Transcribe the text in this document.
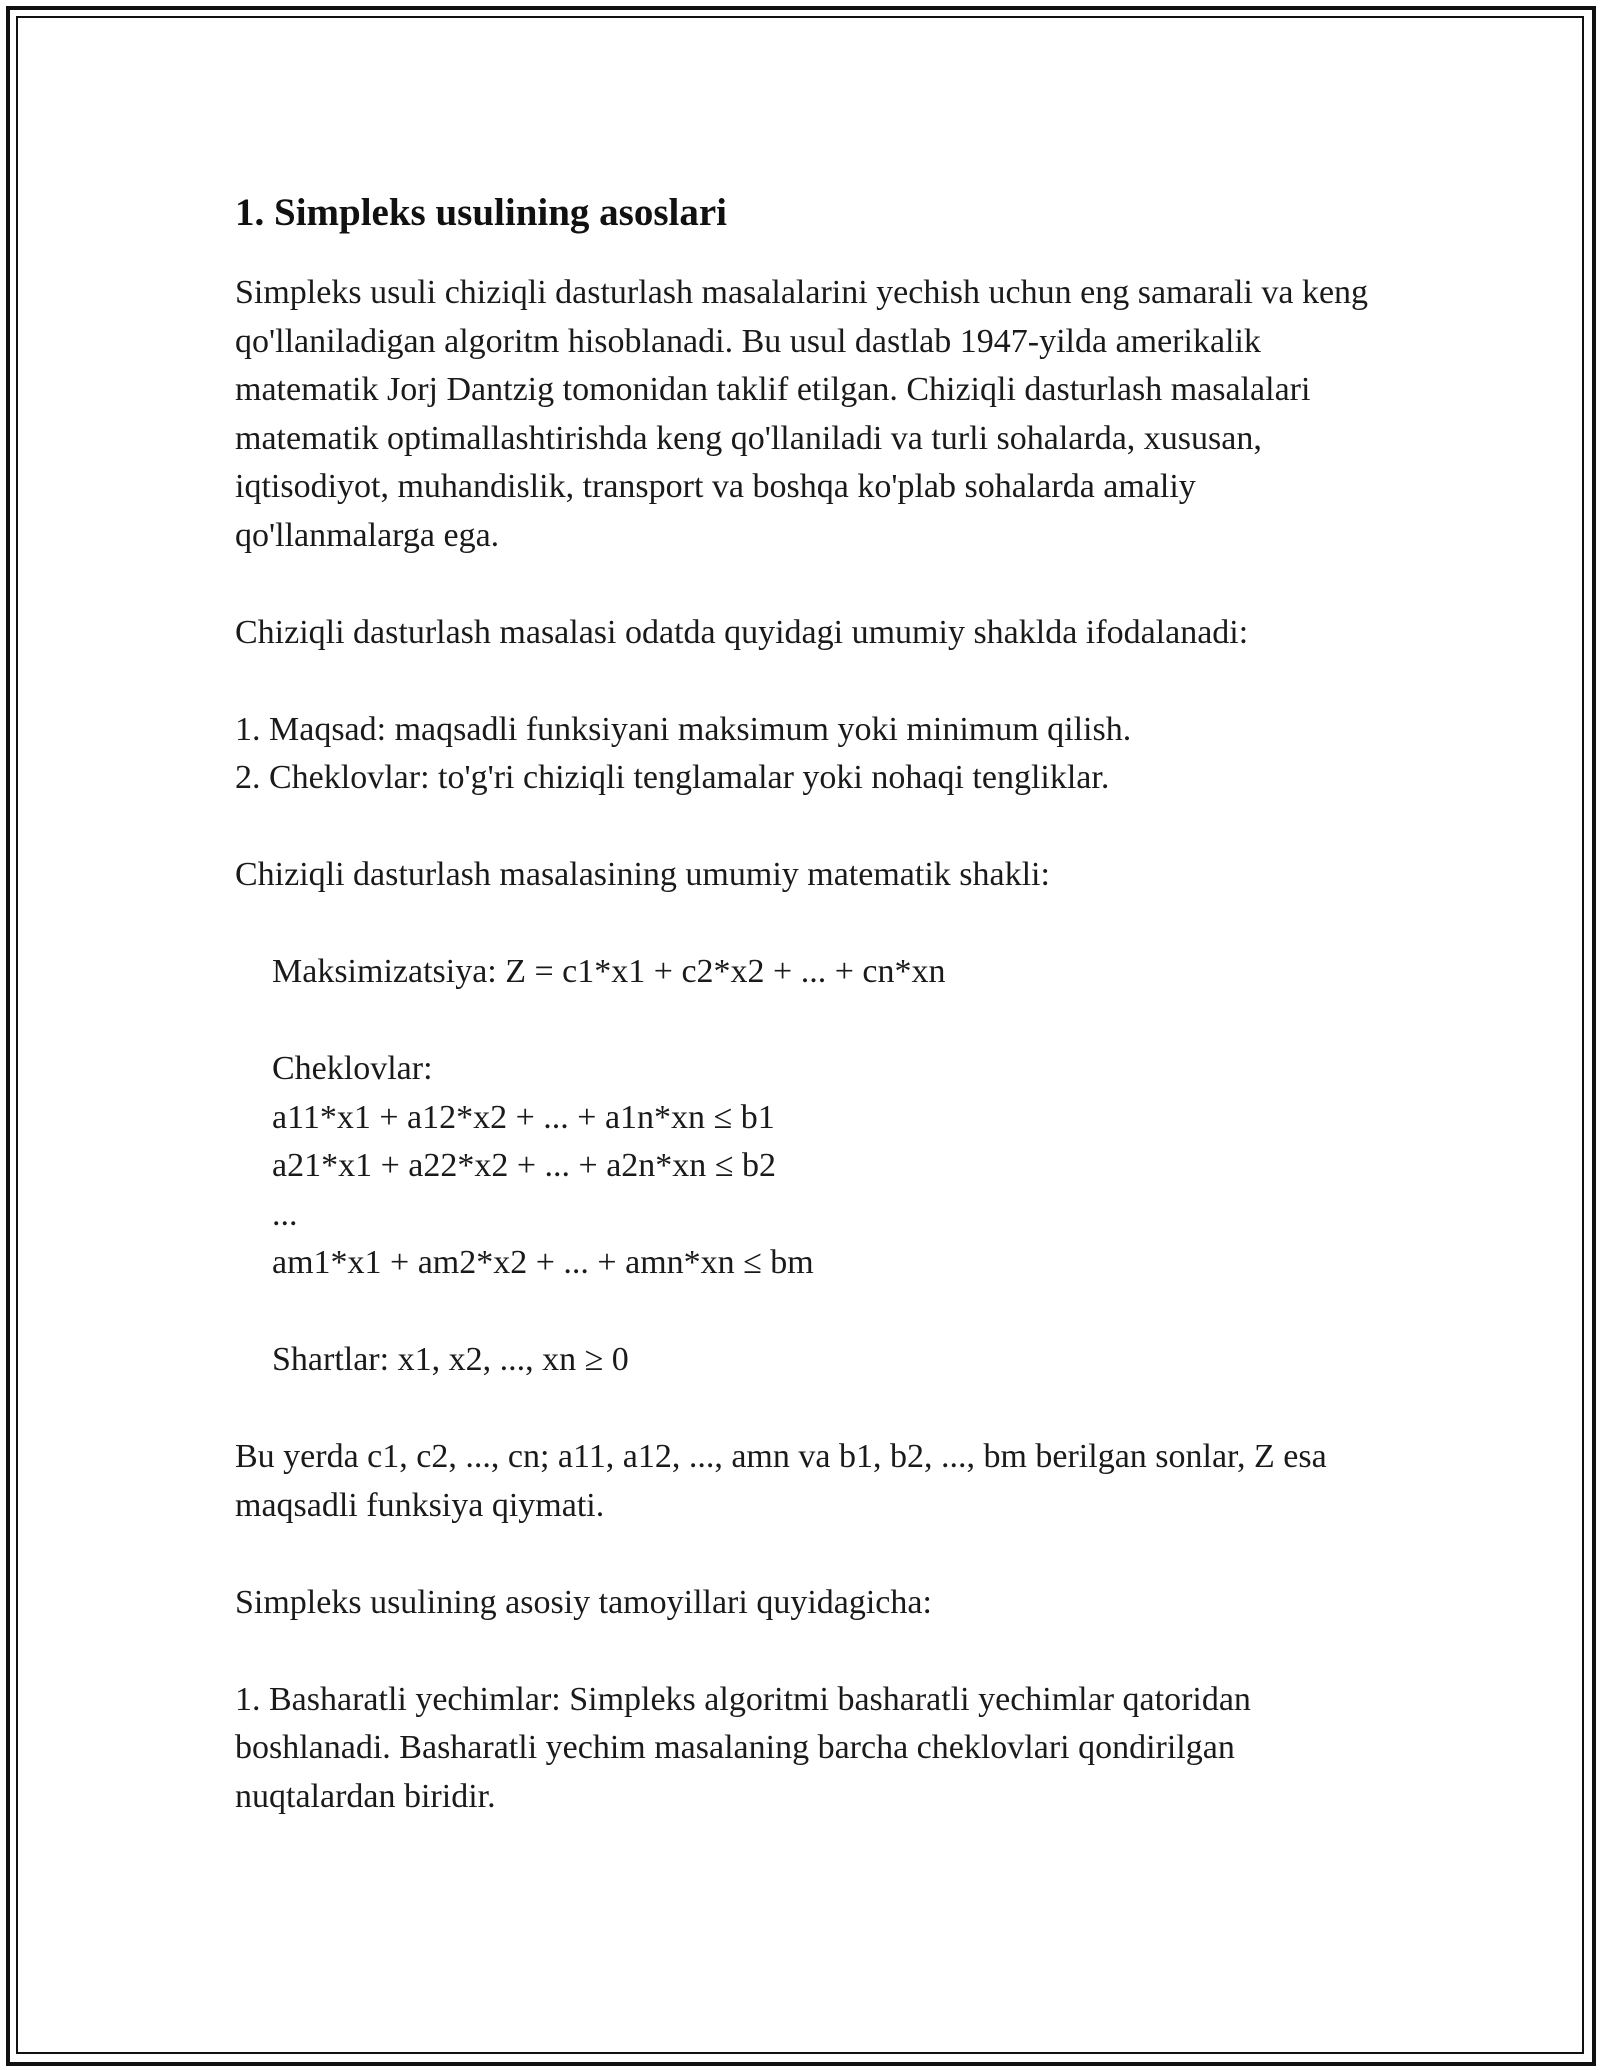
1. Simpleks usulining asoslari

Simpleks usuli chiziqli dasturlash masalalarini yechish uchun eng samarali va keng qo'llaniladigan algoritm hisoblanadi. Bu usul dastlab 1947-yilda amerikalik matematik Jorj Dantzig tomonidan taklif etilgan. Chiziqli dasturlash masalalari matematik optimallashtirishda keng qo'llaniladi va turli sohalarda, xususan, iqtisodiyot, muhandislik, transport va boshqa ko'plab sohalarda amaliy qo'llanmalarga ega.

Chiziqli dasturlash masalasi odatda quyidagi umumiy shaklda ifodalanadi:

1. Maqsad: maqsadli funksiyani maksimum yoki minimum qilish.
2. Cheklovlar: to'g'ri chiziqli tenglamalar yoki nohaqi tengliklar.

Chiziqli dasturlash masalasining umumiy matematik shakli:

Maksimizatsiya: Z = c1*x1 + c2*x2 + ... + cn*xn
Cheklovlar:
a11*x1 + a12*x2 + ... + a1n*xn ≤ b1
a21*x1 + a22*x2 + ... + a2n*xn ≤ b2
...
am1*x1 + am2*x2 + ... + amn*xn ≤ bm
Shartlar: x1, x2, ..., xn ≥ 0

Bu yerda c1, c2, ..., cn; a11, a12, ..., amn va b1, b2, ..., bm berilgan sonlar, Z esa maqsadli funksiya qiymati.

Simpleks usulining asosiy tamoyillari quyidagicha:

1. Basharatli yechimlar: Simpleks algoritmi basharatli yechimlar qatoridan boshlanadi. Basharatli yechim masalaning barcha cheklovlari qondirilgan nuqtalardan biridir.
